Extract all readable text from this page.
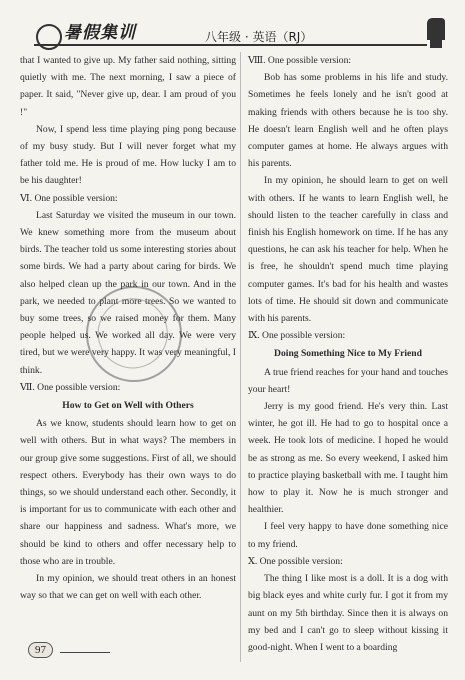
暑假集训	八年级 · 英语（RJ）

that I wanted to give up. My father said nothing, sitting quietly with me. The next morning, I saw a piece of paper. It said, "Never give up, dear. I am proud of you !"

Now, I spend less time playing ping pong because of my busy study. But I will never forget what my father told me. He is proud of me. How lucky I am to be his daughter!

Ⅵ. One possible version:

Last Saturday we visited the museum in our town. We knew something more from the museum about birds. The teacher told us some interesting stories about some birds. We had a party about caring for birds. We also helped clean up the park in our town. And in the park, we needed to plant more trees. So we wanted to buy some trees, so we raised money for them. Many people helped us. We worked all day. We were very tired, but we were very happy. It was very meaningful, I think.

Ⅶ. One possible version:

How to Get on Well with Others

As we know, students should learn how to get on well with others. But in what ways? The members in our group give some suggestions. First of all, we should respect others. Everybody has their own ways to do things, so we should understand each other. Secondly, it is important for us to communicate with each other and share our happiness and sadness. What's more, we should be kind to others and offer necessary help to those who are in trouble.

In my opinion, we should treat others in an honest way so that we can get on well with each other.

Ⅷ. One possible version:

Bob has some problems in his life and study. Sometimes he feels lonely and he isn't good at making friends with others because he is too shy. He doesn't learn English well and he often plays computer games at home. He always argues with his parents.

In my opinion, he should learn to get on well with others. If he wants to learn English well, he should listen to the teacher carefully in class and finish his English homework on time. If he has any questions, he can ask his teacher for help. When he is free, he shouldn't spend much time playing computer games. It's bad for his health and wastes lots of time. He should sit down and communicate with his parents.

Ⅸ. One possible version:

Doing Something Nice to My Friend

A true friend reaches for your hand and touches your heart!

Jerry is my good friend. He's very thin. Last winter, he got ill. He had to go to hospital once a week. He took lots of medicine. I hoped he would be as strong as me. So every weekend, I asked him to practice playing basketball with me. I taught him how to play it. Now he is much stronger and healthier.

I feel very happy to have done something nice to my friend.

Ⅹ. One possible version:

The thing I like most is a doll. It is a dog with big black eyes and white curly fur. I got it from my aunt on my 5th birthday. Since then it is always on my bed and I can't go to sleep without kissing it good-night. When I went to a boarding

97
